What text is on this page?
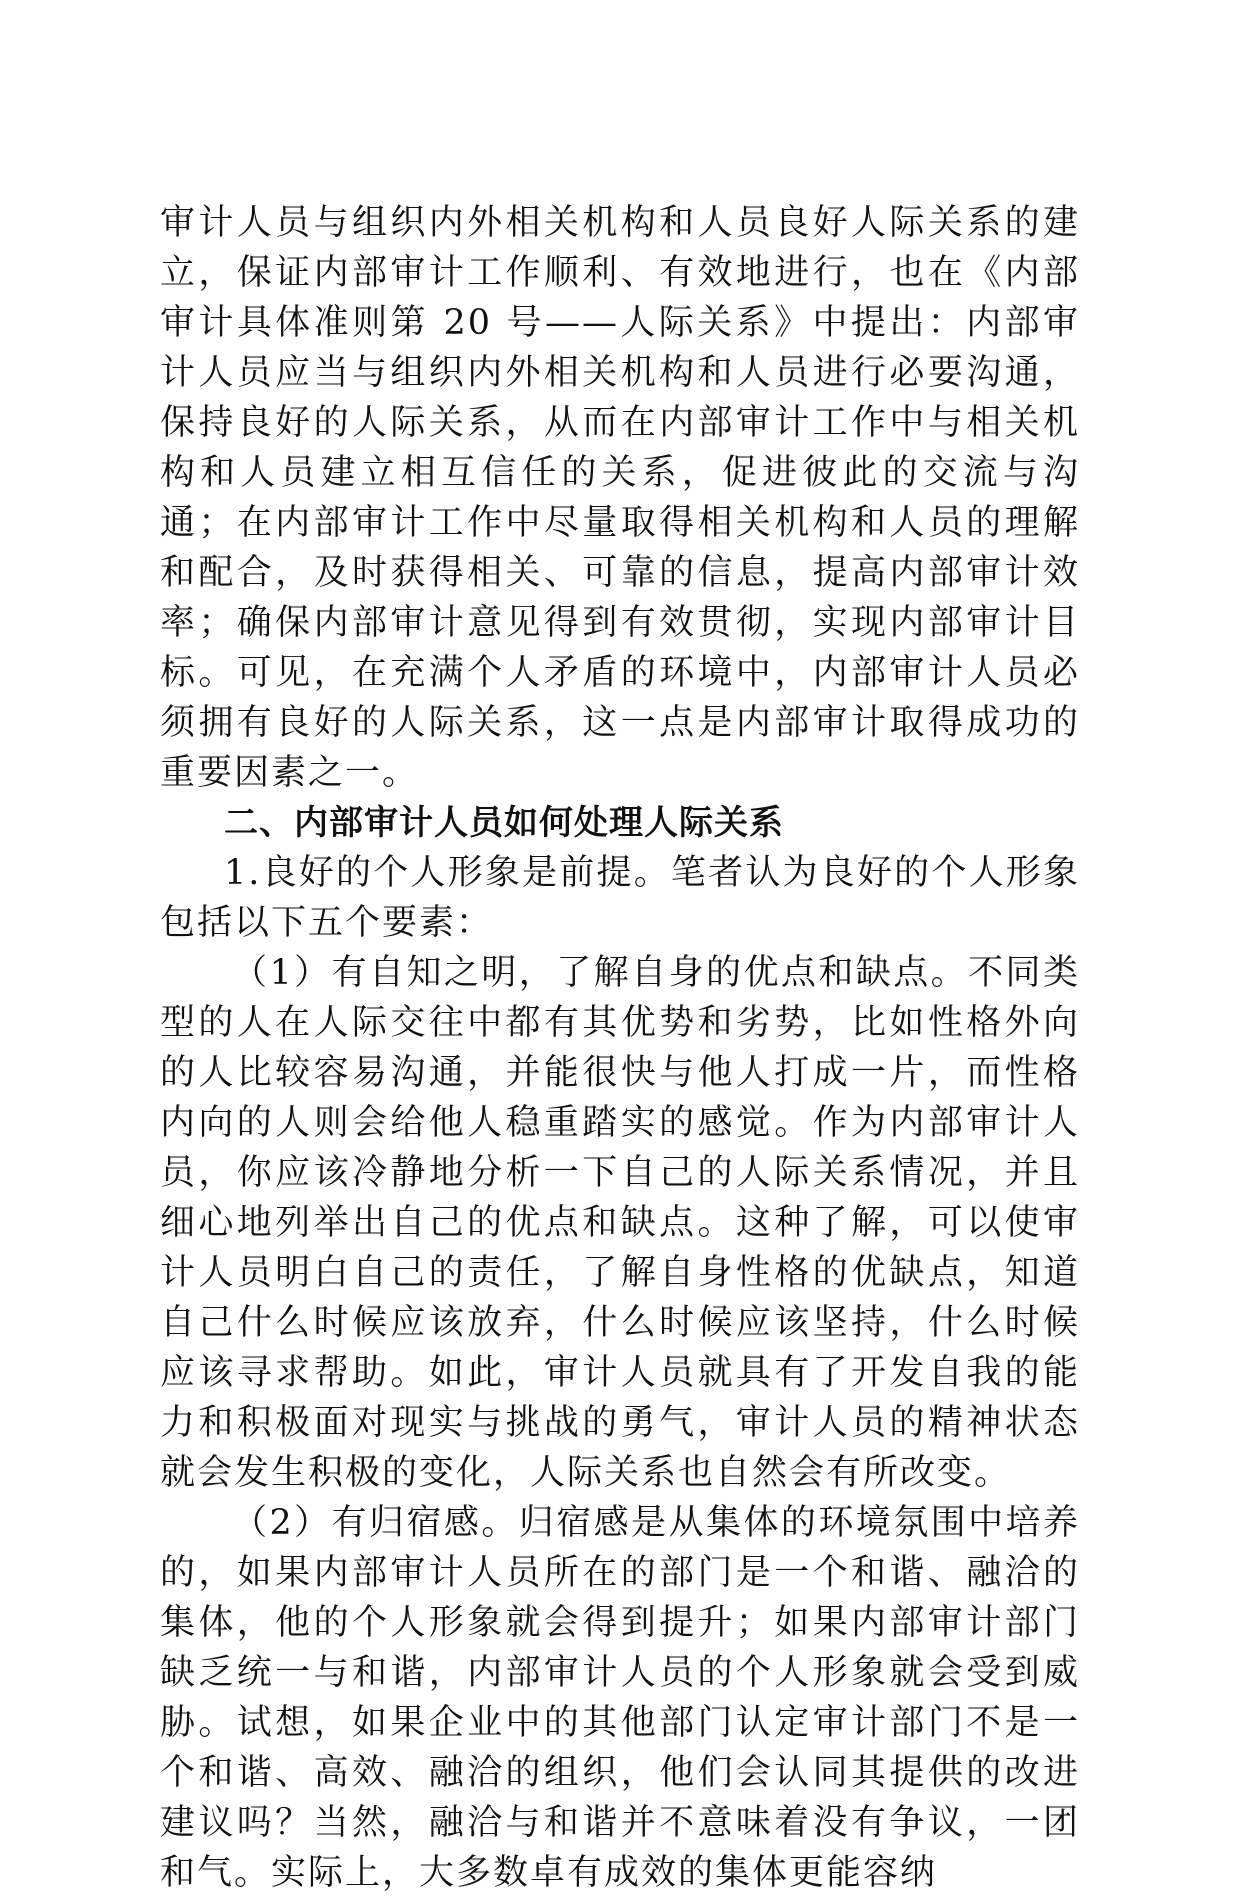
审计人员与组织内外相关机构和人员良好人际关系的建立，保证内部审计工作顺利、有效地进行，也在《内部审计具体准则第 20 号——人际关系》中提出：内部审计人员应当与组织内外相关机构和人员进行必要沟通，保持良好的人际关系，从而在内部审计工作中与相关机构和人员建立相互信任的关系，促进彼此的交流与沟通；在内部审计工作中尽量取得相关机构和人员的理解和配合，及时获得相关、可靠的信息，提高内部审计效率；确保内部审计意见得到有效贯彻，实现内部审计目标。可见，在充满个人矛盾的环境中，内部审计人员必须拥有良好的人际关系，这一点是内部审计取得成功的重要因素之一。

二、内部审计人员如何处理人际关系

1.良好的个人形象是前提。笔者认为良好的个人形象包括以下五个要素：

（1）有自知之明，了解自身的优点和缺点。不同类型的人在人际交往中都有其优势和劣势，比如性格外向的人比较容易沟通，并能很快与他人打成一片，而性格内向的人则会给他人稳重踏实的感觉。作为内部审计人员，你应该冷静地分析一下自己的人际关系情况，并且细心地列举出自己的优点和缺点。这种了解，可以使审计人员明白自己的责任，了解自身性格的优缺点，知道自己什么时候应该放弃，什么时候应该坚持，什么时候应该寻求帮助。如此，审计人员就具有了开发自我的能力和积极面对现实与挑战的勇气，审计人员的精神状态就会发生积极的变化，人际关系也自然会有所改变。

（2）有归宿感。归宿感是从集体的环境氛围中培养的，如果内部审计人员所在的部门是一个和谐、融洽的集体，他的个人形象就会得到提升；如果内部审计部门缺乏统一与和谐，内部审计人员的个人形象就会受到威胁。试想，如果企业中的其他部门认定审计部门不是一个和谐、高效、融洽的组织，他们会认同其提供的改进建议吗？当然，融洽与和谐并不意味着没有争议，一团和气。实际上，大多数卓有成效的集体更能容纳
